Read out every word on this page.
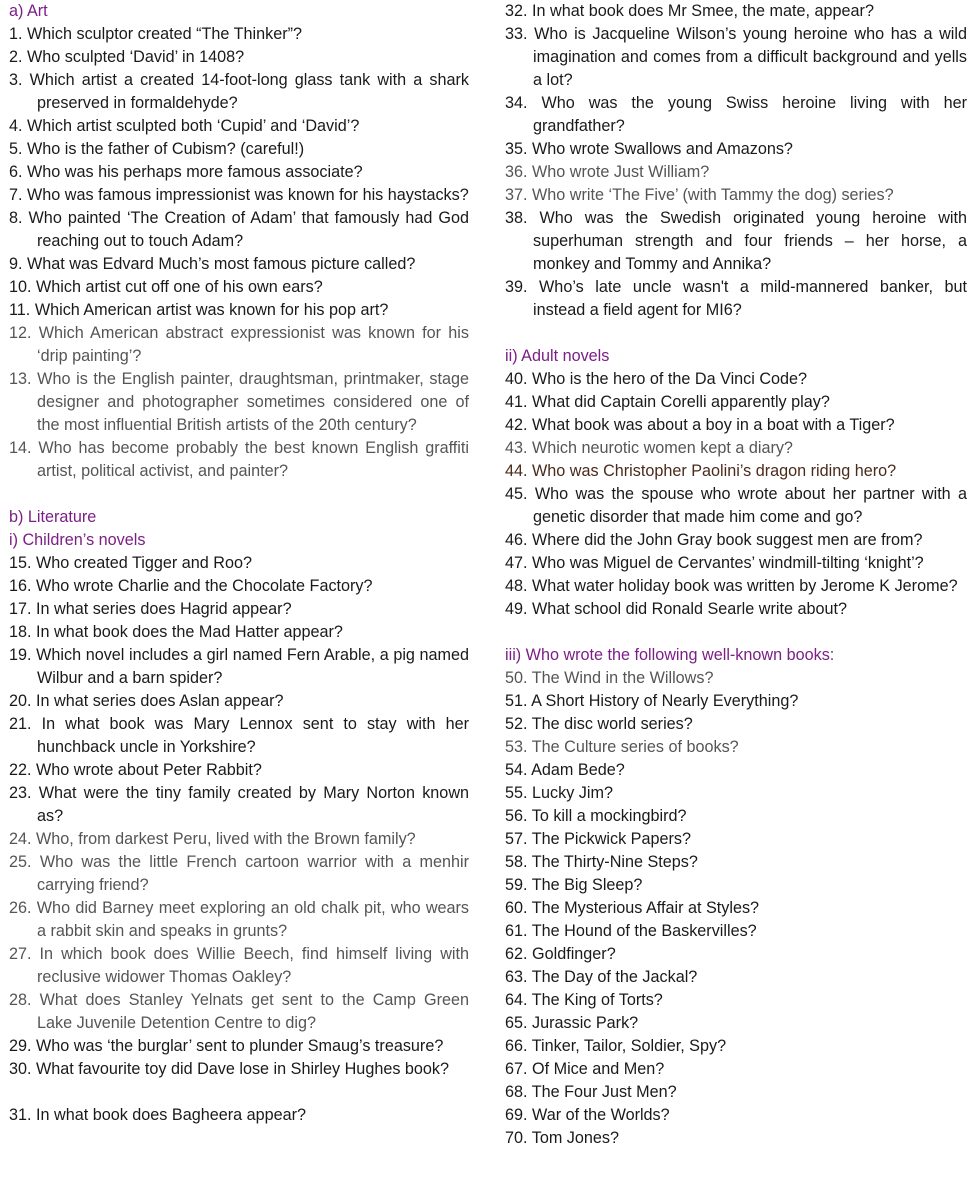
a) Art
1. Which sculptor created “The Thinker”?
2. Who sculpted ‘David’ in 1408?
3. Which artist a created 14-foot-long glass tank with a shark preserved in formaldehyde?
4. Which artist sculpted both ‘Cupid’ and ‘David’?
5. Who is the father of Cubism? (careful!)
6. Who was his perhaps more famous associate?
7. Who was famous impressionist was known for his haystacks?
8. Who painted ‘The Creation of Adam’ that famously had God reaching out to touch Adam?
9. What was Edvard Much’s most famous picture called?
10. Which artist cut off one of his own ears?
11. Which American artist was known for his pop art?
12. Which American abstract expressionist was known for his ‘drip painting’?
13. Who is the English painter, draughtsman, printmaker, stage designer and photographer sometimes considered one of the most influential British artists of the 20th century?
14. Who has become probably the best known English graffiti artist, political activist, and painter?
b) Literature
i) Children’s novels
15. Who created Tigger and Roo?
16. Who wrote Charlie and the Chocolate Factory?
17. In what series does Hagrid appear?
18. In what book does the Mad Hatter appear?
19. Which novel includes a girl named Fern Arable, a pig named Wilbur and a barn spider?
20. In what series does Aslan appear?
21. In what book was Mary Lennox sent to stay with her hunchback uncle in Yorkshire?
22. Who wrote about Peter Rabbit?
23. What were the tiny family created by Mary Norton known as?
24. Who, from darkest Peru, lived with the Brown family?
25. Who was the little French cartoon warrior with a menhir carrying friend?
26. Who did Barney meet exploring an old chalk pit, who wears a rabbit skin and speaks in grunts?
27. In which book does Willie Beech, find himself living with reclusive widower Thomas Oakley?
28. What does Stanley Yelnats get sent to the Camp Green Lake Juvenile Detention Centre to dig?
29. Who was ‘the burglar’ sent to plunder Smaug’s treasure?
30. What favourite toy did Dave lose in Shirley Hughes book?
31. In what book does Bagheera appear?
32. In what book does Mr Smee, the mate, appear?
33. Who is Jacqueline Wilson’s young heroine who has a wild imagination and comes from a difficult background and yells a lot?
34. Who was the young Swiss heroine living with her grandfather?
35. Who wrote Swallows and Amazons?
36. Who wrote Just William?
37. Who write ‘The Five’ (with Tammy the dog) series?
38. Who was the Swedish originated young heroine with superhuman strength and four friends – her horse, a monkey and Tommy and Annika?
39. Who’s late uncle wasn't a mild-mannered banker, but instead a field agent for MI6?
ii) Adult novels
40. Who is the hero of the Da Vinci Code?
41. What did Captain Corelli apparently play?
42. What book was about a boy in a boat with a Tiger?
43. Which neurotic women kept a diary?
44. Who was Christopher Paolini’s dragon riding hero?
45. Who was the spouse who wrote about her partner with a genetic disorder that made him come and go?
46. Where did the John Gray book suggest men are from?
47. Who was Miguel de Cervantes’ windmill-tilting ‘knight’?
48. What water holiday book was written by Jerome K Jerome?
49. What school did Ronald Searle write about?
iii) Who wrote the following well-known books:
50. The Wind in the Willows?
51. A Short History of Nearly Everything?
52. The disc world series?
53. The Culture series of books?
54. Adam Bede?
55. Lucky Jim?
56. To kill a mockingbird?
57. The Pickwick Papers?
58. The Thirty-Nine Steps?
59. The Big Sleep?
60. The Mysterious Affair at Styles?
61. The Hound of the Baskervilles?
62. Goldfinger?
63. The Day of the Jackal?
64. The King of Torts?
65. Jurassic Park?
66. Tinker, Tailor, Soldier, Spy?
67. Of Mice and Men?
68. The Four Just Men?
69. War of the Worlds?
70. Tom Jones?
